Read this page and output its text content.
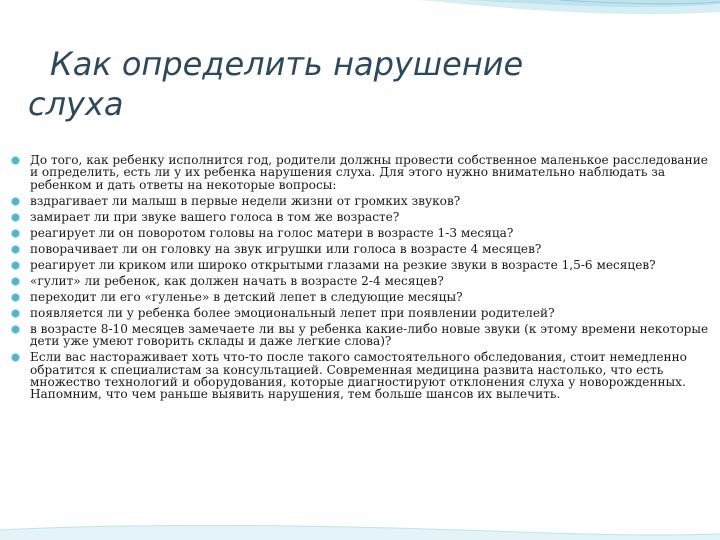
Как определить нарушение
слуха
До того, как ребенку исполнится год, родители должны провести собственное маленькое расследование и определить, есть ли у их ребенка нарушения слуха. Для этого нужно внимательно наблюдать за ребенком и дать ответы на некоторые вопросы:
вздрагивает ли малыш в первые недели жизни от громких звуков?
замирает ли при звуке вашего голоса в том же возрасте?
реагирует ли он поворотом головы на голос матери в возрасте 1-3 месяца?
поворачивает ли он головку на звук игрушки или голоса в возрасте 4 месяцев?
реагирует ли криком или широко открытыми глазами на резкие звуки в возрасте 1,5-6 месяцев?
«гулит» ли ребенок, как должен начать в возрасте 2-4 месяцев?
переходит ли его «гуленье» в детский лепет в следующие месяцы?
появляется ли у ребенка более эмоциональный лепет при появлении родителей?
в возрасте 8-10 месяцев замечаете ли вы у ребенка какие-либо новые звуки (к этому времени некоторые дети уже умеют говорить склады и даже легкие слова)?
Если вас настораживает хоть что-то после такого самостоятельного обследования, стоит немедленно обратится к специалистам за консультацией. Современная медицина развита настолько, что есть множество технологий и оборудования, которые диагностируют отклонения слуха у новорожденных. Напомним, что чем раньше выявить нарушения, тем больше шансов их вылечить.
